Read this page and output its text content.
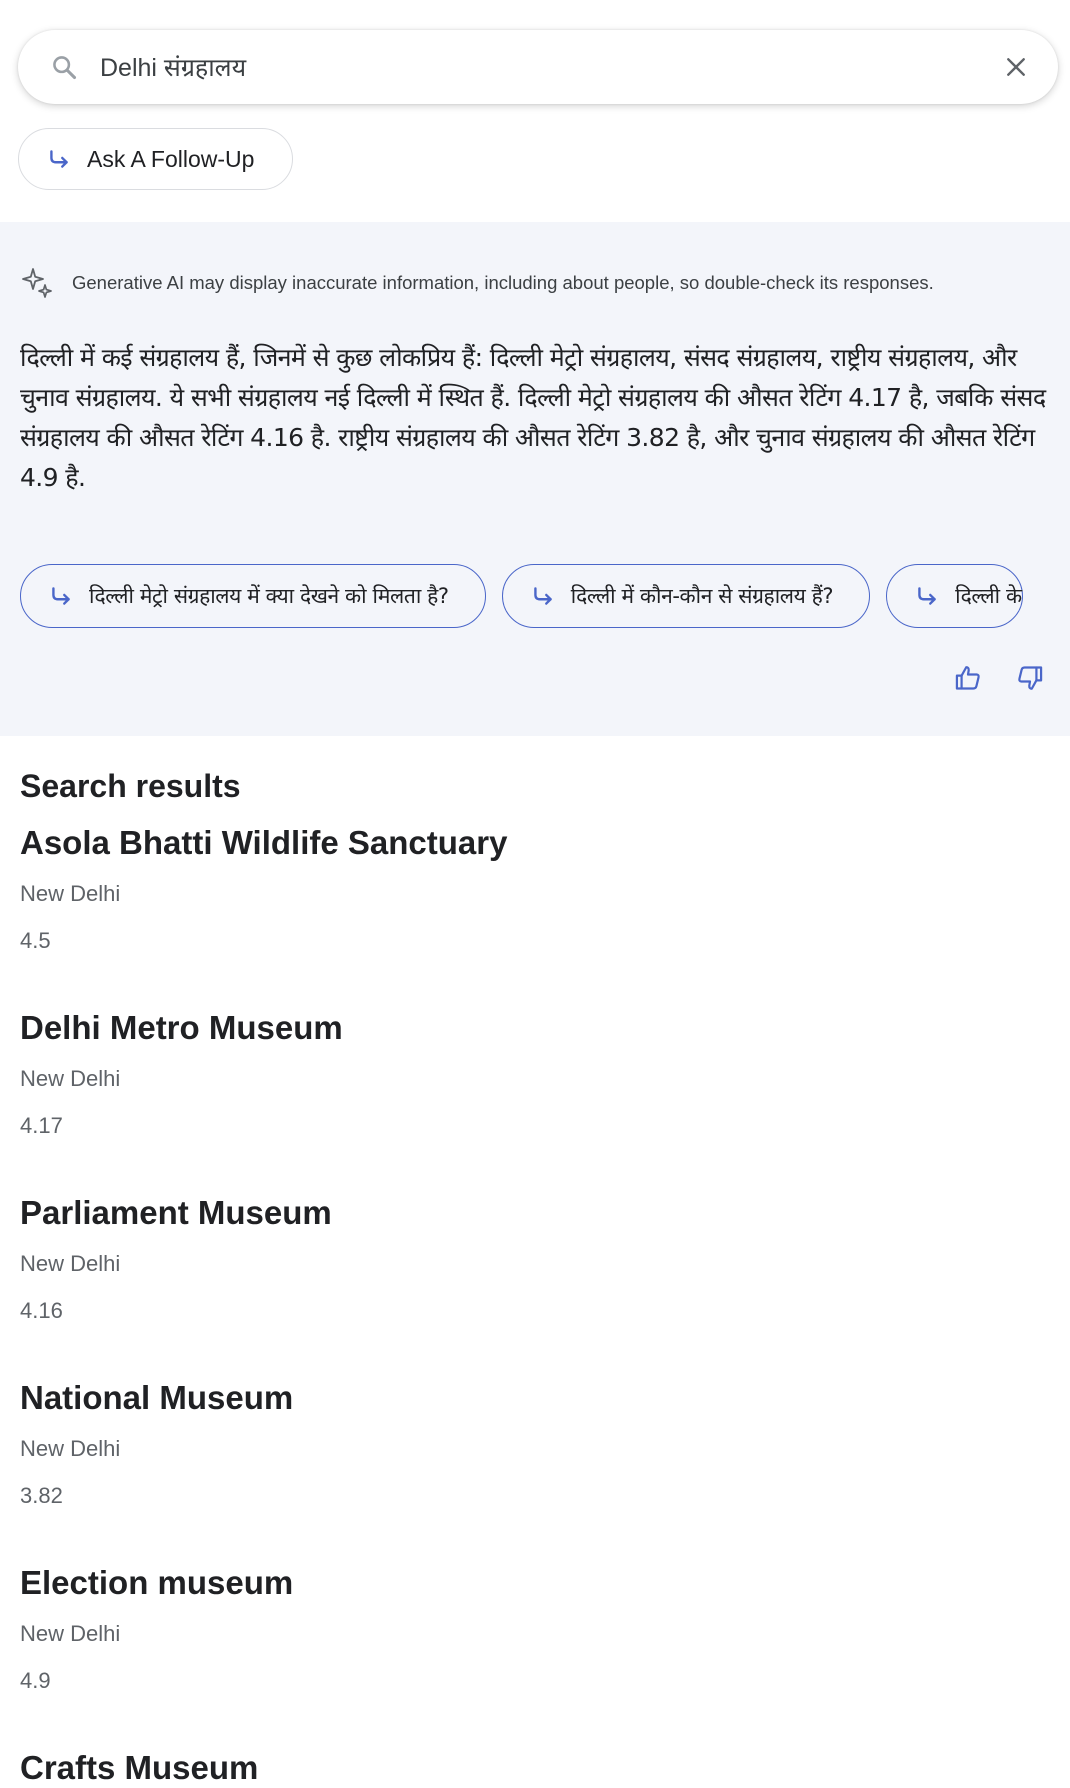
Delhi संग्रहालय
Ask A Follow-Up
Generative AI may display inaccurate information, including about people, so double-check its responses.
दिल्ली में कई संग्रहालय हैं, जिनमें से कुछ लोकप्रिय हैं: दिल्ली मेट्रो संग्रहालय, संसद संग्रहालय, राष्ट्रीय संग्रहालय, और चुनाव संग्रहालय. ये सभी संग्रहालय नई दिल्ली में स्थित हैं. दिल्ली मेट्रो संग्रहालय की औसत रेटिंग 4.17 है, जबकि संसद संग्रहालय की औसत रेटिंग 4.16 है. राष्ट्रीय संग्रहालय की औसत रेटिंग 3.82 है, और चुनाव संग्रहालय की औसत रेटिंग 4.9 है.
दिल्ली मेट्रो संग्रहालय में क्या देखने को मिलता है?	दिल्ली में कौन-कौन से संग्रहालय हैं?	दिल्ली के
Search results
Asola Bhatti Wildlife Sanctuary
New Delhi
4.5
Delhi Metro Museum
New Delhi
4.17
Parliament Museum
New Delhi
4.16
National Museum
New Delhi
3.82
Election museum
New Delhi
4.9
Crafts Museum
